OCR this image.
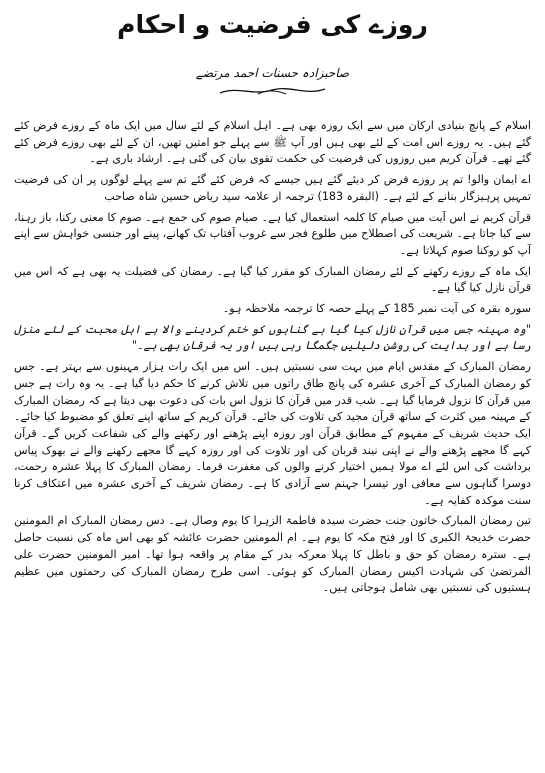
روزے کی فرضیت و احکام
صاحبزادہ حسنات احمد مرتضے

اسلام کے پانچ بنیادی ارکان میں سے ایک روزہ بھی ہے۔ اہل اسلام کے لئے سال میں ایک ماہ کے روزے فرض کئے گئے ہیں۔ یہ روزے اس امت کے لئے بھی ہیں اور آپ ﷺ سے پہلے جو امتیں تھیں، ان کے لئے بھی روزے فرض کئے گئے تھے۔ قرآن کریم میں روزوں کی فرضیت کی حکمت تقوی بیان کی گئی ہے۔ ارشاد باری ہے۔

اے ایمان والو! تم پر روزے فرض کر دیئے گئے ہیں جیسے کہ فرض کئے گئے تم سے پہلے لوگوں پر ان کی فرضیت تمہیں پرہیزگار بنانے کے لئے ہے۔ (البقرہ 183) ترجمہ از علامہ سید ریاض حسین شاہ صاحب

قرآن کریم نے اس آیت میں صیام کا کلمہ استعمال کیا ہے۔ صیام صوم کی جمع ہے۔ صوم کا معنی رکنا، باز رہنا، سے کیا جاتا ہے۔ شریعت کی اصطلاح میں طلوع فجر سے غروب آفتاب تک کھانے، پینے اور جنسی خواہش سے اپنے آپ کو روکنا صوم کہلاتا ہے۔

ایک ماہ کے روزے رکھنے کے لئے رمضان المبارک کو مقرر کیا گیا ہے۔ رمضان کی فضیلت یہ بھی ہے کہ اس میں قرآن نازل کیا گیا ہے۔

سورہ بقرہ کی آیت نمبر 185 کے پہلے حصہ کا ترجمہ ملاحظہ ہو۔

"وہ مہینہ جس میں قرآن نازل کیا گیا ہے گناہوں کو ختم کردینے والا ہے اہل محبت کے لئے منزل رسا ہے اور ہدایت کی روشن دلیلیں جگمگا رہی ہیں اور یہ فرقان بھی ہے۔"

رمضان المبارک کے مقدس ایام میں بہت سی نسبتیں ہیں۔ اس میں ایک رات ہزار مہینوں سے بہتر ہے۔ جس کو رمضان المبارک کے آخری عشرہ کی پانچ طاق راتوں میں تلاش کرنے کا حکم دیا گیا ہے۔ یہ وہ رات ہے جس میں قرآن کا نزول فرمایا گیا ہے۔ شب قدر میں قرآن کا نزول اس بات کی دعوت بھی دیتا ہے کہ رمضان المبارک کے مہینہ میں کثرت کے ساتھ قرآن مجید کی تلاوت کی جائے۔ قرآن کریم کے ساتھ اپنے تعلق کو مضبوط کیا جائے۔ ایک حدیث شریف کے مفہوم کے مطابق قرآن اور روزہ اپنے پڑھنے اور رکھنے والے کی شفاعت کریں گے۔ قرآن کہے گا مجھے پڑھنے والے نے اپنی نیند قربان کی اور تلاوت کی اور روزہ کہے گا مجھے رکھنے والے نے بھوک پیاس برداشت کی اس لئے اے مولا ہمیں اختیار کرنے والوں کی مغفرت فرما۔ رمضان المبارک کا پہلا عشرہ رحمت، دوسرا گناہوں سے معافی اور تیسرا جہنم سے آزادی کا ہے۔ رمضان شریف کے آخری عشرہ میں اعتکاف کرنا سنت موکدہ کفایہ ہے۔

تین رمضان المبارک خاتون جنت حضرت سیدہ فاطمۃ الزہرا کا یوم وصال ہے۔ دس رمضان المبارک ام المومنین حضرت خدیجۃ الکبری کا اور فتح مکہ کا یوم ہے۔ ام المومنین حضرت عائشہ کو بھی اس ماہ کی نسبت حاصل ہے۔ سترہ رمضان کو حق و باطل کا پہلا معرکہ بدر کے مقام پر واقعہ ہوا تھا۔ امیر المومنین حضرت علی المرتضیٰ کی شہادت اکیس رمضان المبارک کو ہوئی۔ اسی طرح رمضان المبارک کی رحمتوں میں عظیم ہستیوں کی نسبتیں بھی شامل ہوجاتی ہیں۔
